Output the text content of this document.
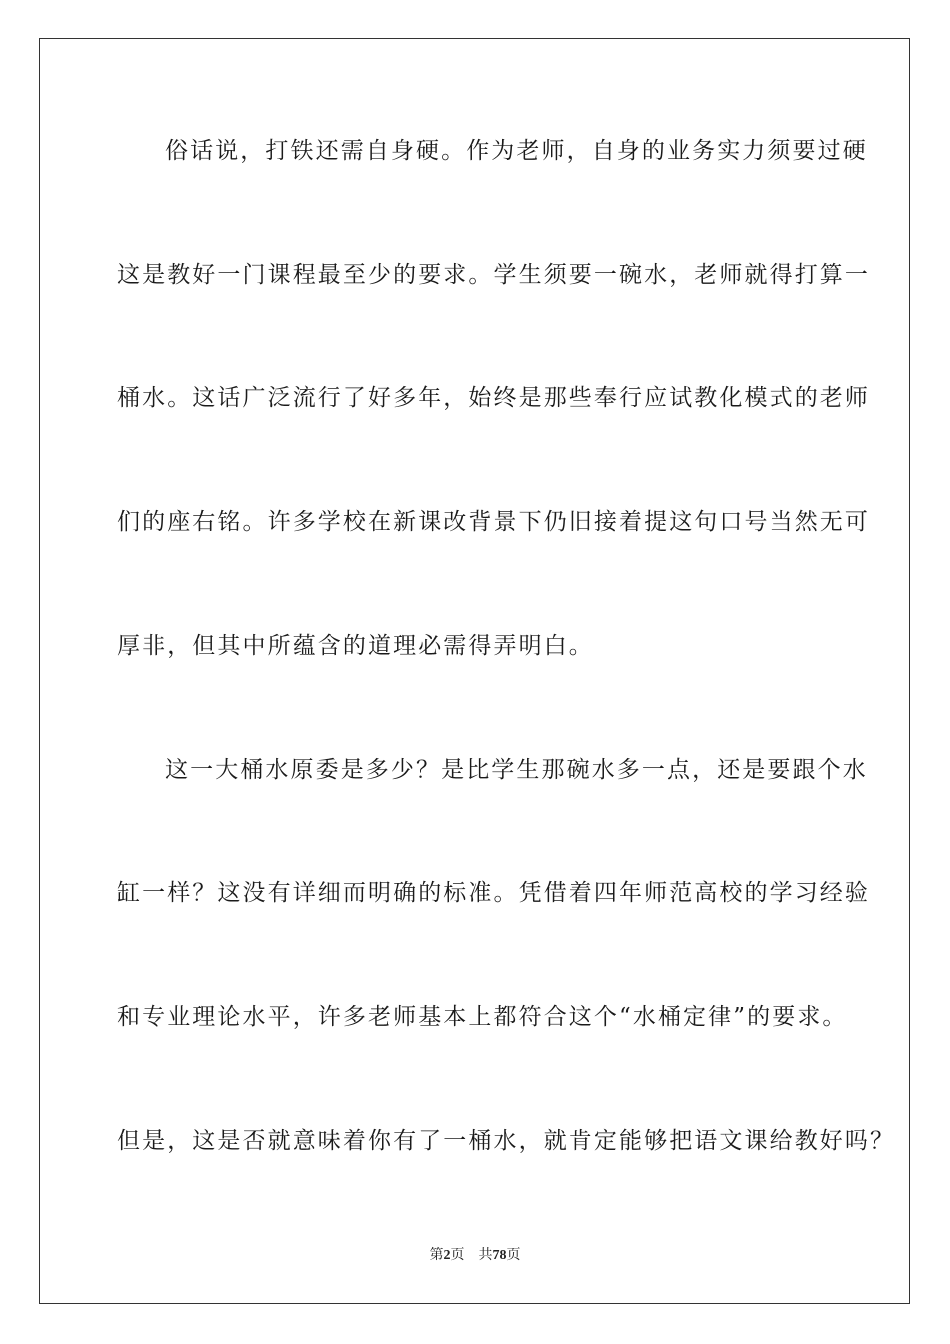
俗话说，打铁还需自身硬。作为老师，自身的业务实力须要过硬
这是教好一门课程最至少的要求。学生须要一碗水，老师就得打算一
桶水。这话广泛流行了好多年，始终是那些奉行应试教化模式的老师
们的座右铭。许多学校在新课改背景下仍旧接着提这句口号当然无可
厚非，但其中所蕴含的道理必需得弄明白。
这一大桶水原委是多少？是比学生那碗水多一点，还是要跟个水
缸一样？这没有详细而明确的标准。凭借着四年师范高校的学习经验
和专业理论水平，许多老师基本上都符合这个“水桶定律”的要求。
但是，这是否就意味着你有了一桶水，就肯定能够把语文课给教好吗？
第2页 共78页
